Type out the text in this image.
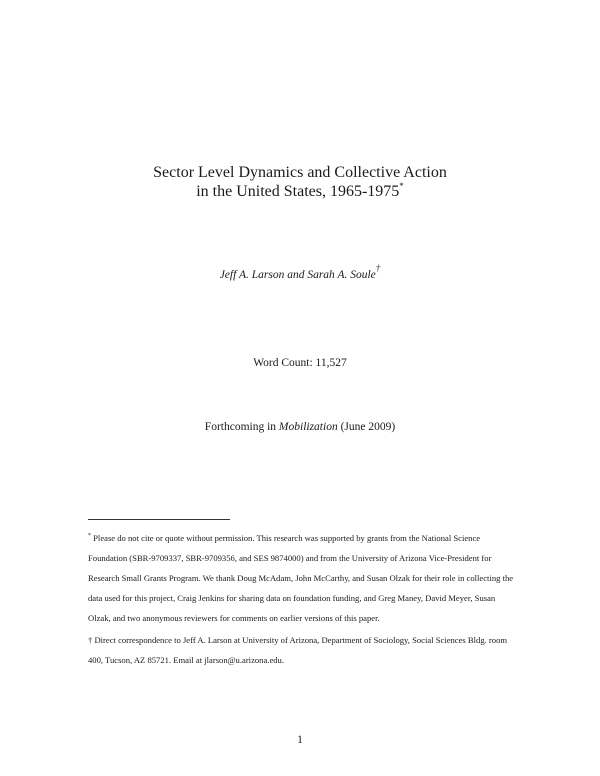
Sector Level Dynamics and Collective Action
in the United States, 1965-1975*
Jeff A. Larson and Sarah A. Soule†
Word Count: 11,527
Forthcoming in Mobilization (June 2009)

* Please do not cite or quote without permission. This research was supported by grants from the National Science Foundation (SBR-9709337, SBR-9709356, and SES 9874000) and from the University of Arizona Vice-President for Research Small Grants Program. We thank Doug McAdam, John McCarthy, and Susan Olzak for their role in collecting the data used for this project, Craig Jenkins for sharing data on foundation funding, and Greg Maney, David Meyer, Susan Olzak, and two anonymous reviewers for comments on earlier versions of this paper.

† Direct correspondence to Jeff A. Larson at University of Arizona, Department of Sociology, Social Sciences Bldg. room 400, Tucson, AZ 85721. Email at jlarson@u.arizona.edu.

1
